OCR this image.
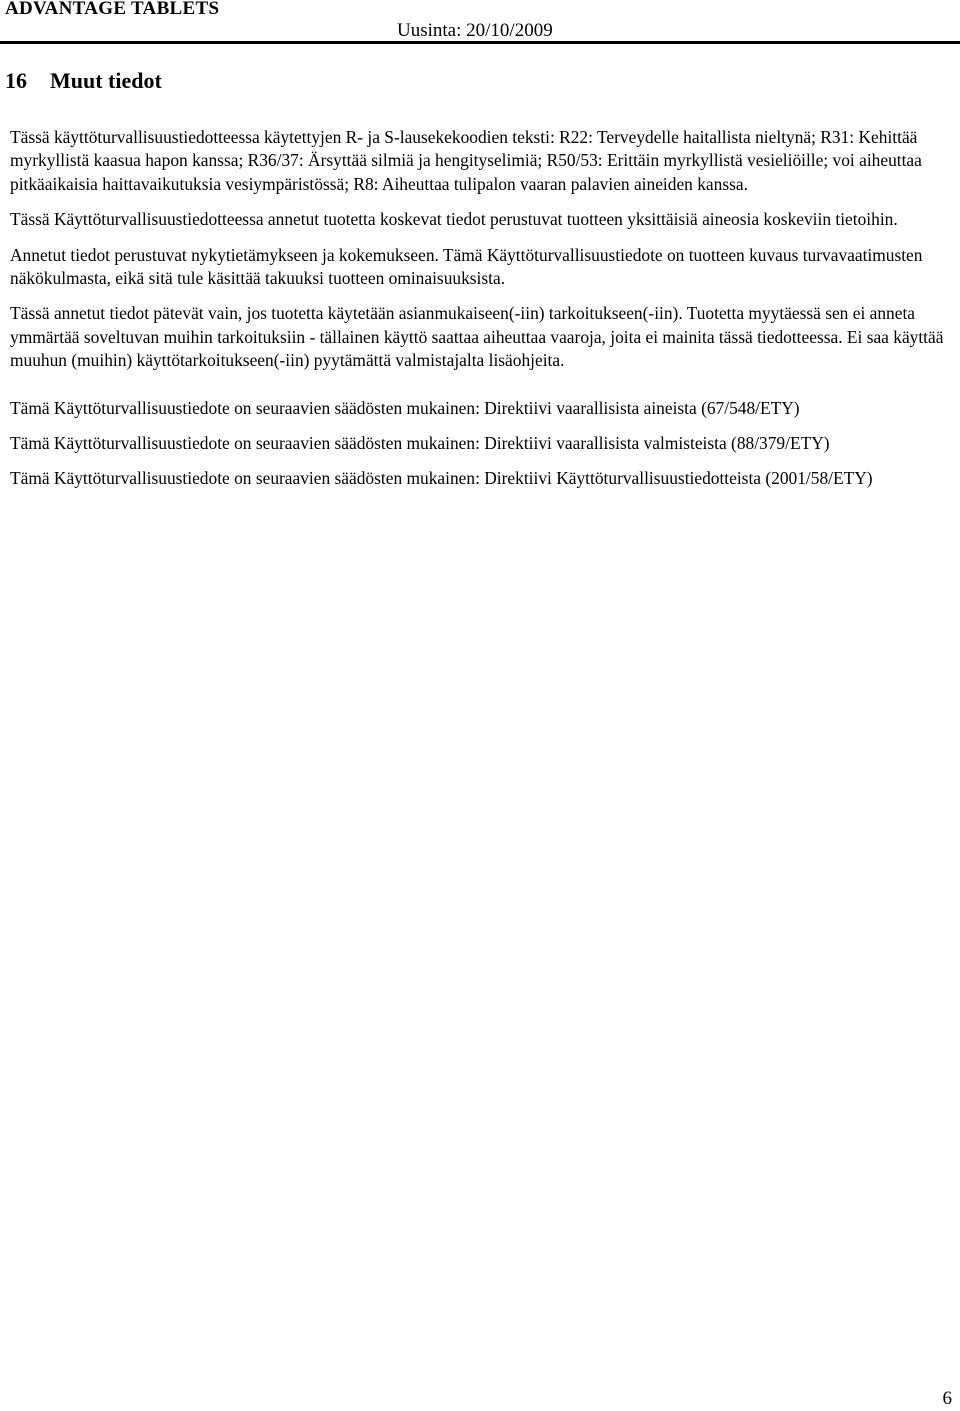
ADVANTAGE TABLETS
Uusinta: 20/10/2009
16 Muut tiedot

Tässä käyttöturvallisuustiedotteessa käytettyjen R- ja S-lausekekoodien teksti: R22: Terveydelle haitallista nieltynä; R31: Kehittää myrkyllistä kaasua hapon kanssa; R36/37: Ärsyttää silmiä ja hengityselimiä; R50/53: Erittäin myrkyllistä vesieliöille; voi aiheuttaa pitkäaikaisia haittavaikutuksia vesiympäristössä; R8: Aiheuttaa tulipalon vaaran palavien aineiden kanssa.

Tässä Käyttöturvallisuustiedotteessa annetut tuotetta koskevat tiedot perustuvat tuotteen yksittäisiä aineosia koskeviin tietoihin.

Annetut tiedot perustuvat nykytietämykseen ja kokemukseen. Tämä Käyttöturvallisuustiedote on tuotteen kuvaus turvavaatimusten näkökulmasta, eikä sitä tule käsittää takuuksi tuotteen ominaisuuksista.

Tässä annetut tiedot pätevät vain, jos tuotetta käytetään asianmukaiseen(-iin) tarkoitukseen(-iin). Tuotetta myytäessä sen ei anneta ymmärtää soveltuvan muihin tarkoituksiin - tällainen käyttö saattaa aiheuttaa vaaroja, joita ei mainita tässä tiedotteessa. Ei saa käyttää muuhun (muihin) käyttötarkoitukseen(-iin) pyytämättä valmistajalta lisäohjeita.

Tämä Käyttöturvallisuustiedote on seuraavien säädösten mukainen: Direktiivi vaarallisista aineista (67/548/ETY)

Tämä Käyttöturvallisuustiedote on seuraavien säädösten mukainen: Direktiivi vaarallisista valmisteista (88/379/ETY)

Tämä Käyttöturvallisuustiedote on seuraavien säädösten mukainen: Direktiivi Käyttöturvallisuustiedotteista (2001/58/ETY)

6
